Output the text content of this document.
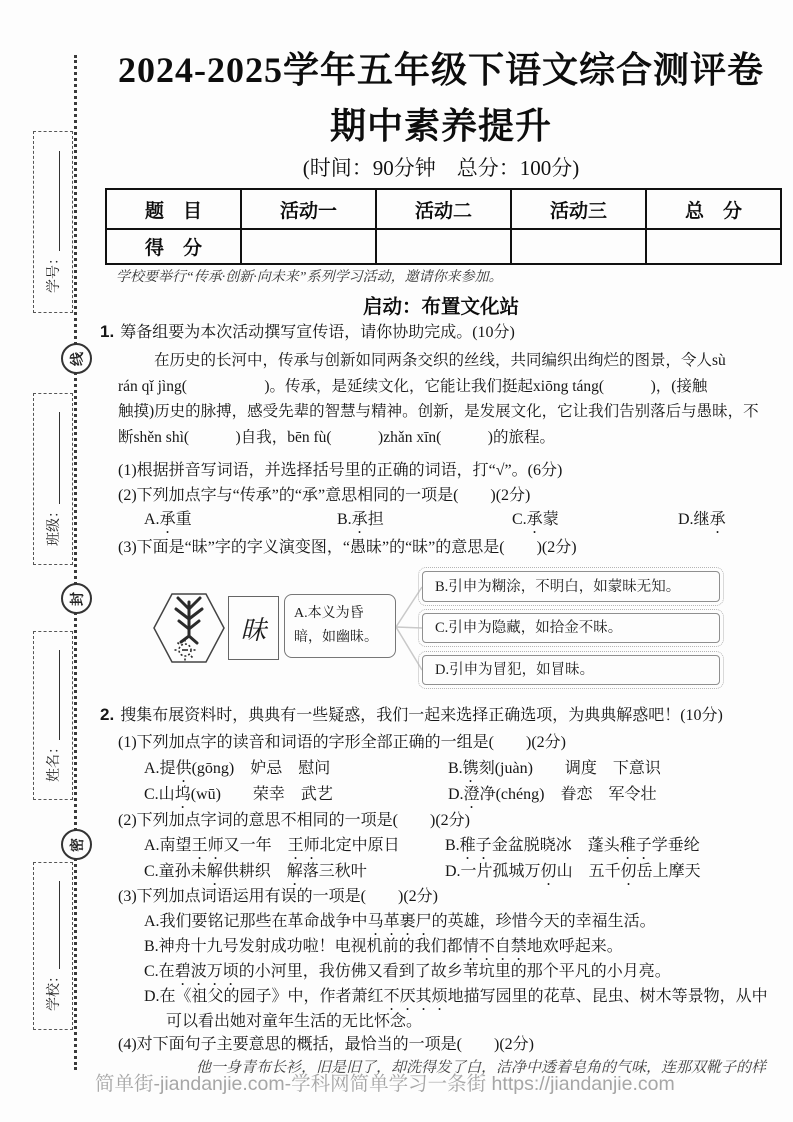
学号：
班级：
姓名：
学校：
线
封
密
2024-2025学年五年级下语文综合测评卷
期中素养提升
(时间：90分钟　总分：100分)
题　目	活动一	活动二	活动三	总　分
得　分				
学校要举行“传承·创新·向未来”系列学习活动，邀请你来参加。
启动：布置文化站
1. 筹备组要为本次活动撰写宣传语，请你协助完成。(10分)
在历史的长河中，传承与创新如同两条交织的丝线，共同编织出绚烂的图景，令人sù
rán qǐ jìng(　　　　　)。传承，是延续文化，它能让我们挺起xiōng táng(　　　)，(接触
触摸)历史的脉搏，感受先辈的智慧与精神。创新，是发展文化，它让我们告别落后与愚昧，不
断shěn shì(　　　)自我，bēn fù(　　　)zhǎn xīn(　　　)的旅程。
(1)根据拼音写词语，并选择括号里的正确的词语，打“√”。(6分)
(2)下列加点字与“传承”的“承”意思相同的一项是(　　)(2分)
A.承重	B.承担	C.承蒙	D.继承
(3)下面是“昧”字的字义演变图，“愚昧”的“昧”的意思是(　　)(2分)
昧
A.本义为昏暗，如幽昧。
B.引申为糊涂，不明白，如蒙昧无知。
C.引申为隐藏，如拾金不昧。
D.引申为冒犯，如冒昧。
2. 搜集布展资料时，典典有一些疑惑，我们一起来选择正确选项，为典典解惑吧！(10分)
(1)下列加点字的读音和词语的字形全部正确的一组是(　　)(2分)
A.提供(gōng)　妒忌　慰问	B.镌刻(juàn)　　调度　下意识
C.山坞(wū)　　荣幸　武艺	D.澄净(chéng)　眷恋　军令壮
(2)下列加点字词的意思不相同的一项是(　　)(2分)
A.南望王师又一年　王师北定中原日	B.稚子金盆脱晓冰　蓬头稚子学垂纶
C.童孙未解供耕织　解落三秋叶	D.一片孤城万仞山　五千仞岳上摩天
(3)下列加点词语运用有误的一项是(　　)(2分)
A.我们要铭记那些在革命战争中马革裹尸的英雄，珍惜今天的幸福生活。
B.神舟十九号发射成功啦！电视机前的我们都情不自禁地欢呼起来。
C.在碧波万顷的小河里，我仿佛又看到了故乡苇坑里的那个平凡的小月亮。
D.在《祖父的园子》中，作者萧红不厌其烦地描写园里的花草、昆虫、树木等景物，从中
可以看出她对童年生活的无比怀念。
(4)对下面句子主要意思的概括，最恰当的一项是(　　)(2分)
他一身青布长衫，旧是旧了，却洗得发了白，洁净中透着皂角的气味，连那双靴子的样
简单街-jiandanjie.com-学科网简单学习一条街 https://jiandanjie.com
